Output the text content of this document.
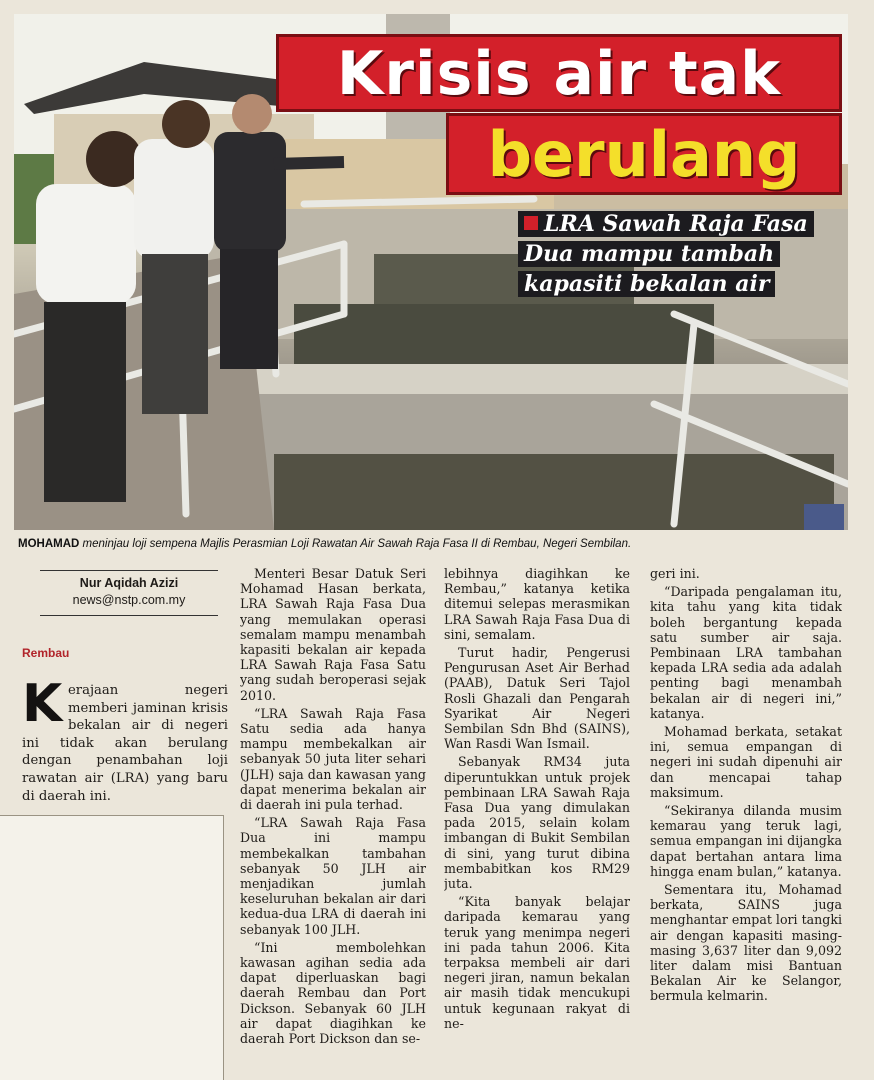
Krisis air tak
berulang
LRA Sawah Raja Fasa
Dua mampu tambah
kapasiti bekalan air
MOHAMAD meninjau loji sempena Majlis Perasmian Loji Rawatan Air Sawah Raja Fasa II di Rembau, Negeri Sembilan.
Nur Aqidah Azizi
news@nstp.com.my
Rembau
K erajaan negeri memberi jaminan krisis bekalan air di negeri ini tidak akan berulang dengan penambahan loji rawatan air (LRA) yang baru di daerah ini.

Menteri Besar Datuk Seri Mohamad Hasan berkata, LRA Sawah Raja Fasa Dua yang memulakan operasi semalam mampu menambah kapasiti bekalan air kepada LRA Sawah Raja Fasa Satu yang sudah beroperasi sejak 2010.

“LRA Sawah Raja Fasa Satu sedia ada hanya mampu membekalkan air sebanyak 50 juta liter sehari (JLH) saja dan kawasan yang dapat menerima bekalan air di daerah ini pula terhad.

“LRA Sawah Raja Fasa Dua ini mampu membekalkan tambahan sebanyak 50 JLH air menjadikan jumlah keseluruhan bekalan air dari kedua-dua LRA di daerah ini sebanyak 100 JLH.

“Ini membolehkan kawasan agihan sedia ada dapat diperluaskan bagi daerah Rembau dan Port Dickson. Sebanyak 60 JLH air dapat diagihkan ke daerah Port Dickson dan se-

lebihnya diagihkan ke Rembau,” katanya ketika ditemui selepas merasmikan LRA Sawah Raja Fasa Dua di sini, semalam.

Turut hadir, Pengerusi Pengurusan Aset Air Berhad (PAAB), Datuk Seri Tajol Rosli Ghazali dan Pengarah Syarikat Air Negeri Sembilan Sdn Bhd (SAINS), Wan Rasdi Wan Ismail.

Sebanyak RM34 juta diperuntukkan untuk projek pembinaan LRA Sawah Raja Fasa Dua yang dimulakan pada 2015, selain kolam imbangan di Bukit Sembilan di sini, yang turut dibina membabitkan kos RM29 juta.

“Kita banyak belajar daripada kemarau yang teruk yang menimpa negeri ini pada tahun 2006. Kita terpaksa membeli air dari negeri jiran, namun bekalan air masih tidak mencukupi untuk kegunaan rakyat di ne-

geri ini.

“Daripada pengalaman itu, kita tahu yang kita tidak boleh bergantung kepada satu sumber air saja. Pembinaan LRA tambahan kepada LRA sedia ada adalah penting bagi menambah bekalan air di negeri ini,” katanya.

Mohamad berkata, setakat ini, semua empangan di negeri ini sudah dipenuhi air dan mencapai tahap maksimum.

“Sekiranya dilanda musim kemarau yang teruk lagi, semua empangan ini dijangka dapat bertahan antara lima hingga enam bulan,” katanya.

Sementara itu, Mohamad berkata, SAINS juga menghantar empat lori tangki air dengan kapasiti masing-masing 3,637 liter dan 9,092 liter dalam misi Bantuan Bekalan Air ke Selangor, bermula kelmarin.
